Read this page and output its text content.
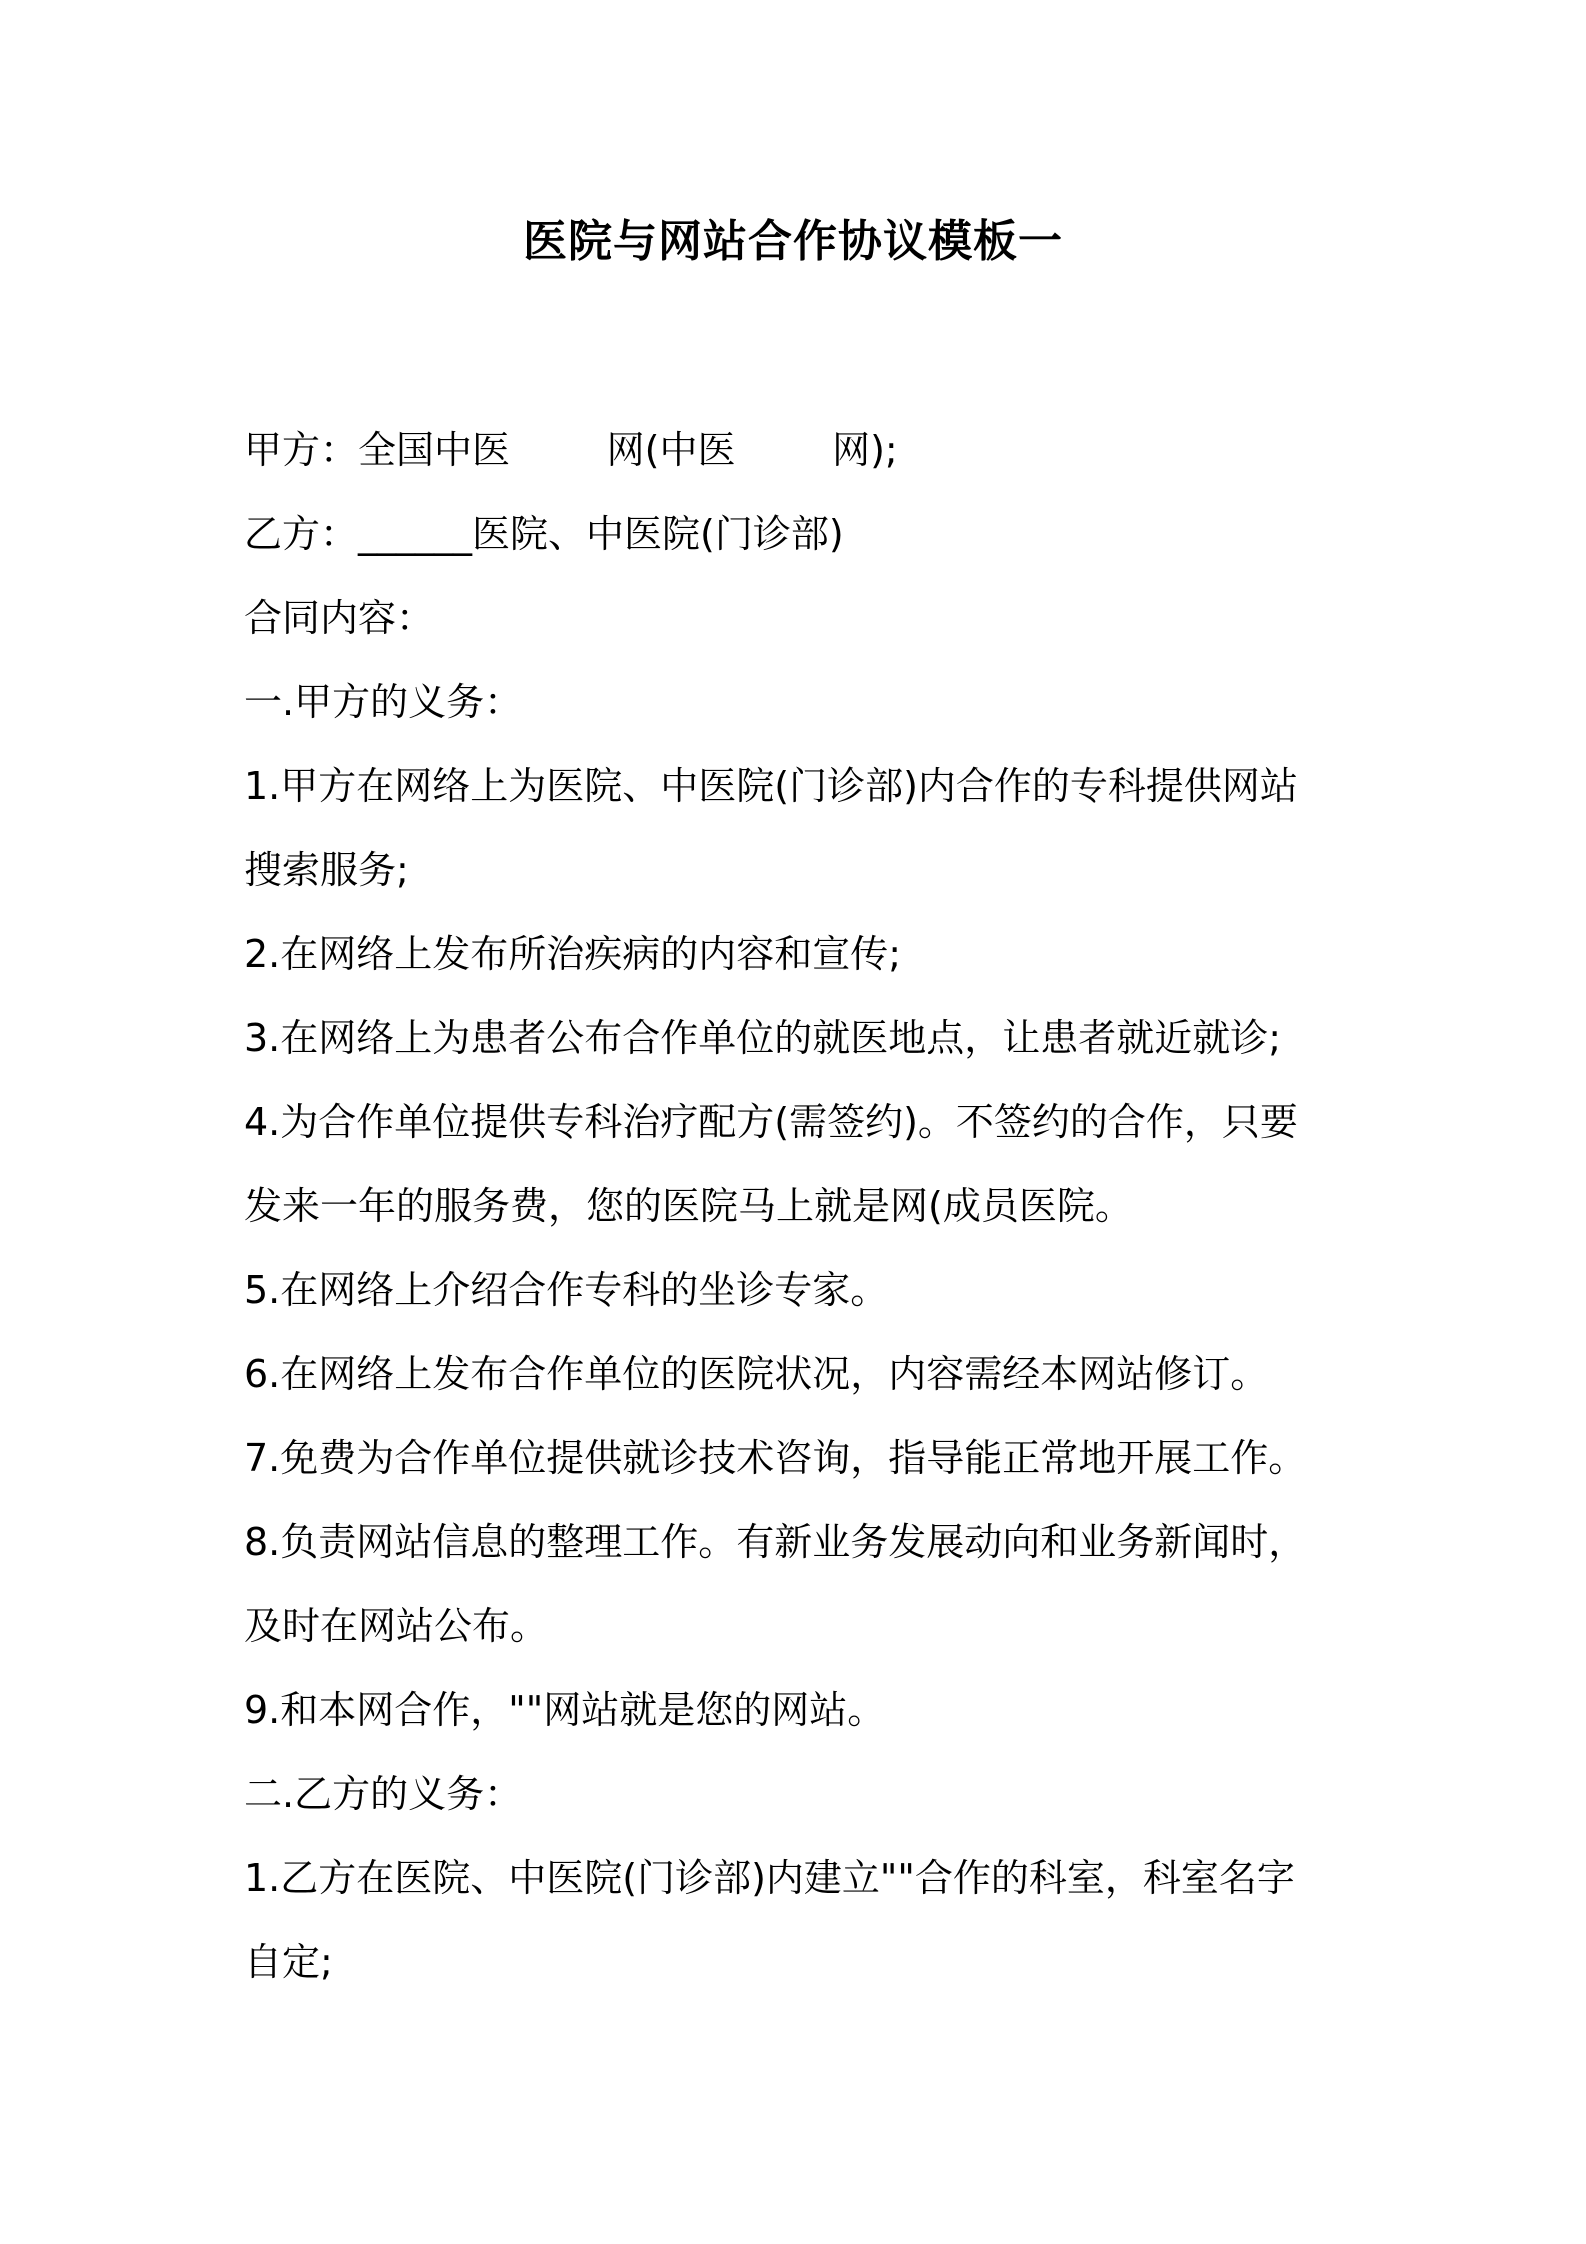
医院与网站合作协议模板一
甲方：全国中医        网(中医        网);
乙方：______医院、中医院(门诊部)
合同内容：
一.甲方的义务：
1.甲方在网络上为医院、中医院(门诊部)内合作的专科提供网站
搜索服务;
2.在网络上发布所治疾病的内容和宣传;
3.在网络上为患者公布合作单位的就医地点，让患者就近就诊;
4.为合作单位提供专科治疗配方(需签约)。不签约的合作，只要
发来一年的服务费，您的医院马上就是网(成员医院。
5.在网络上介绍合作专科的坐诊专家。
6.在网络上发布合作单位的医院状况，内容需经本网站修订。
7.免费为合作单位提供就诊技术咨询，指导能正常地开展工作。
8.负责网站信息的整理工作。有新业务发展动向和业务新闻时，
及时在网站公布。
9.和本网合作，""网站就是您的网站。
二.乙方的义务：
1.乙方在医院、中医院(门诊部)内建立""合作的科室，科室名字
自定;
